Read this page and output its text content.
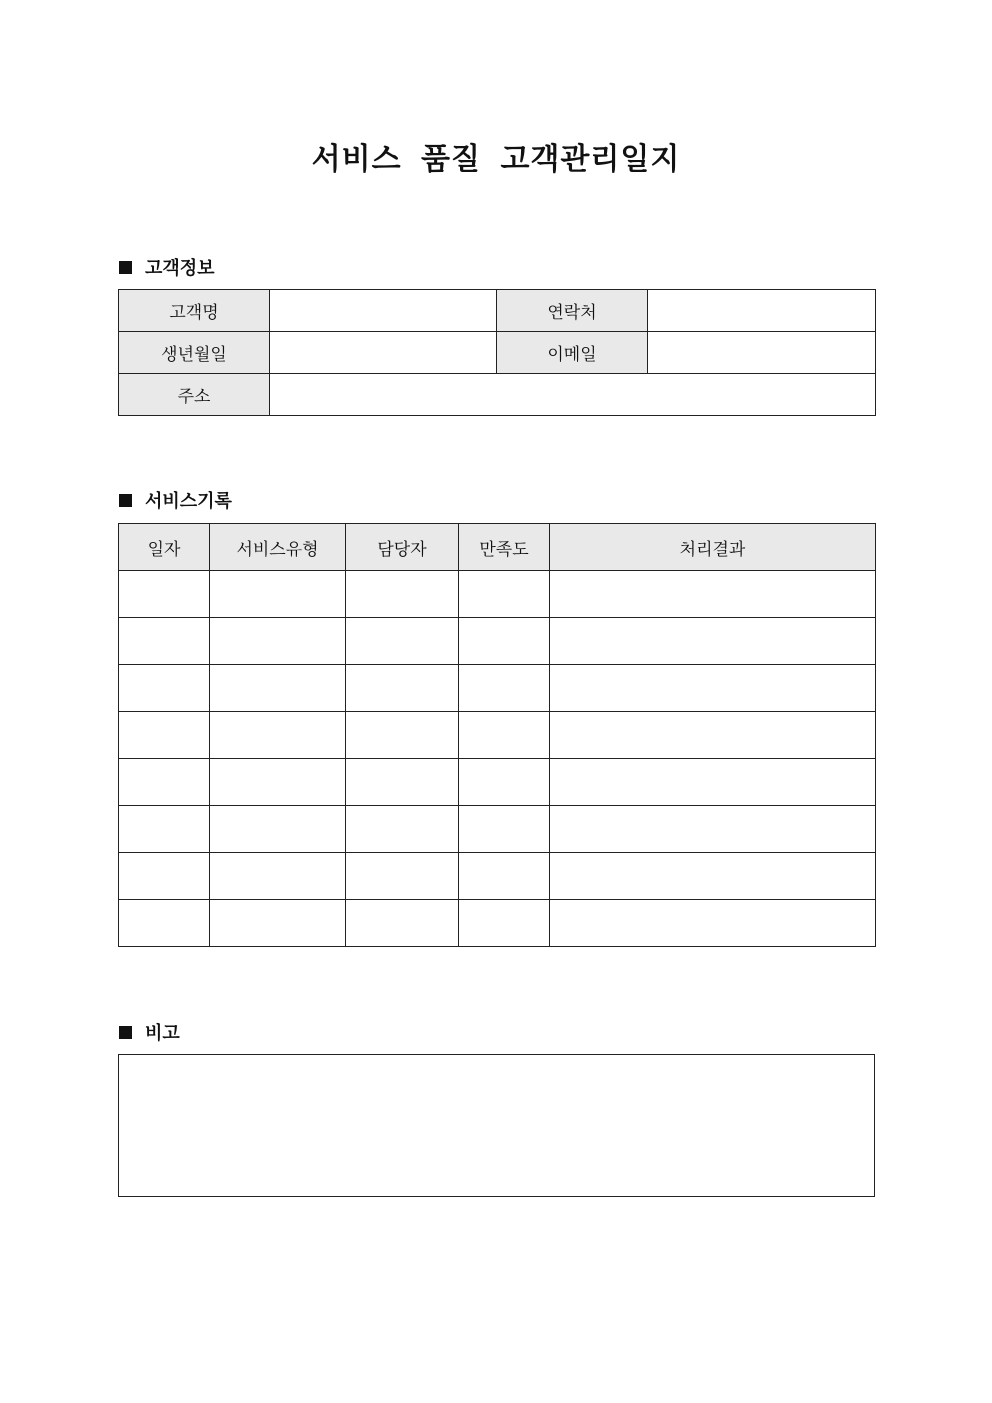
서비스 품질 고객관리일지
고객정보
고객명		연락처	
생년월일		이메일	
주소			
서비스기록
일자	서비스유형	담당자	만족도	처리결과

비고
